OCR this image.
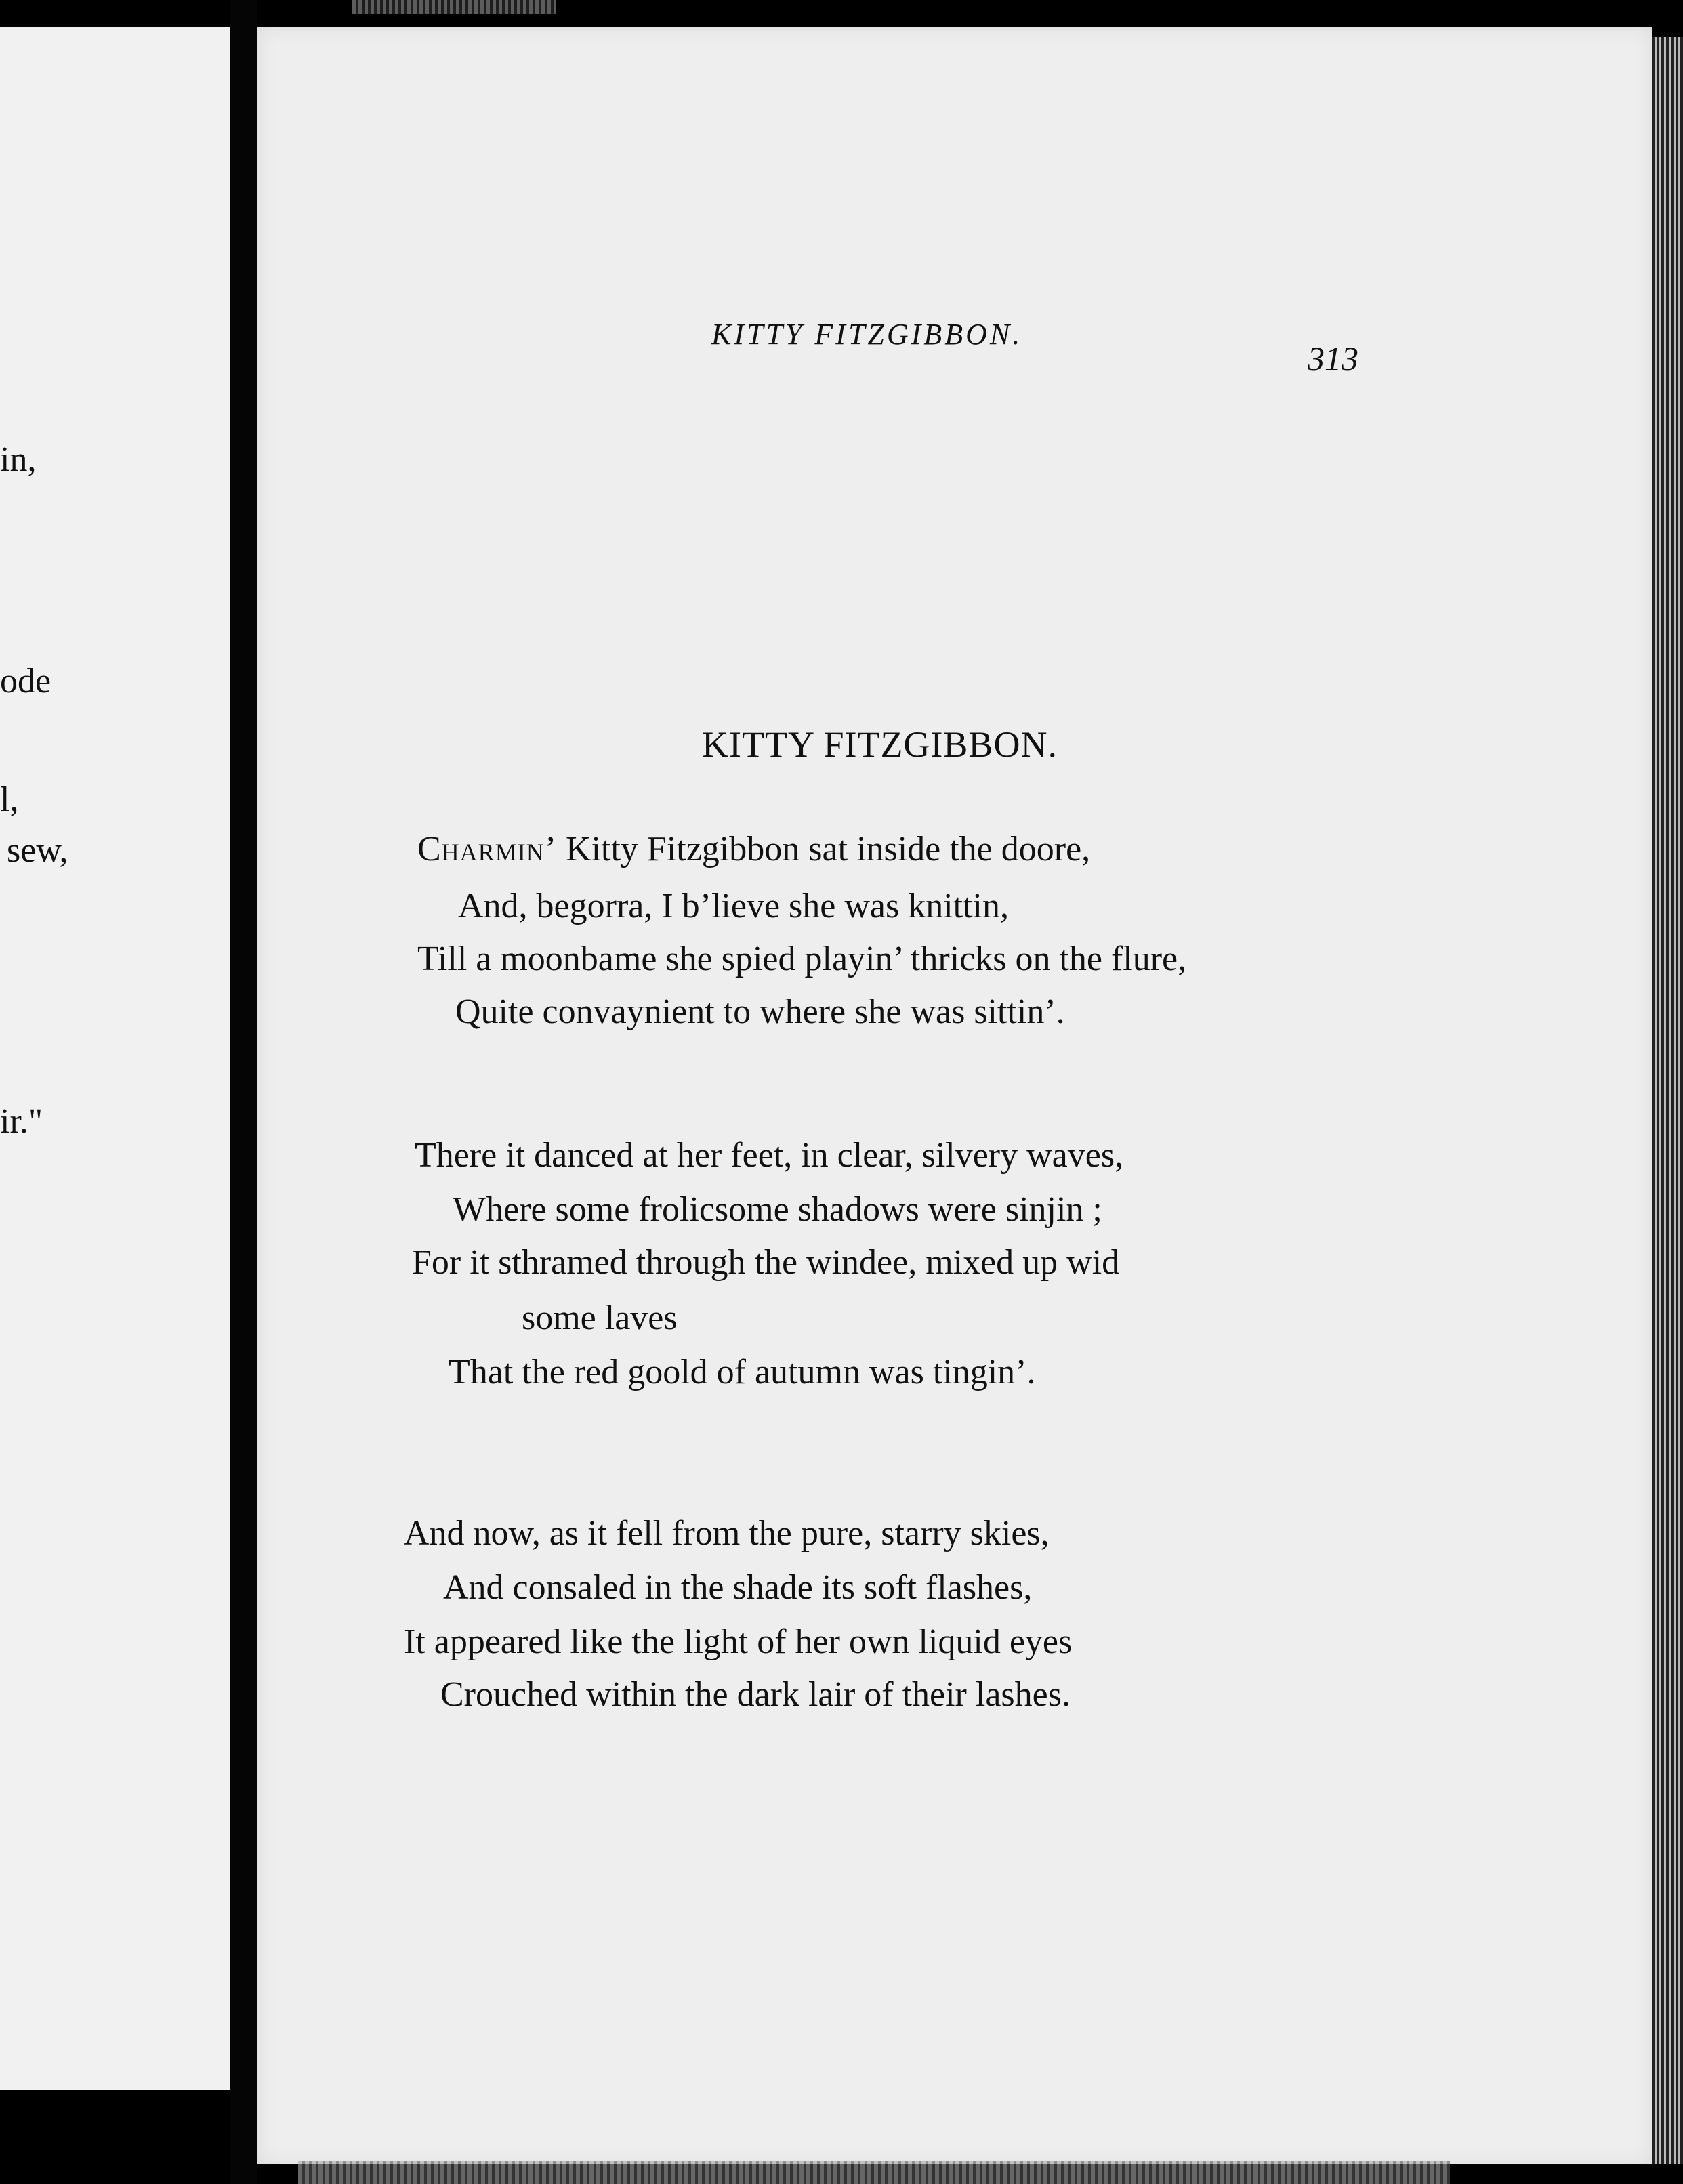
in,
ode
l,
sew,
ir."
KITTY FITZGIBBON.
313
KITTY FITZGIBBON.
Charmin’ Kitty Fitzgibbon sat inside the doore,
And, begorra, I b’lieve she was knittin,
Till a moonbame she spied playin’ thricks on the flure,
Quite convaynient to where she was sittin’.
There it danced at her feet, in clear, silvery waves,
Where some frolicsome shadows were sinjin ;
For it sthramed through the windee, mixed up wid
some laves
That the red goold of autumn was tingin’.
And now, as it fell from the pure, starry skies,
And consaled in the shade its soft flashes,
It appeared like the light of her own liquid eyes
Crouched within the dark lair of their lashes.
